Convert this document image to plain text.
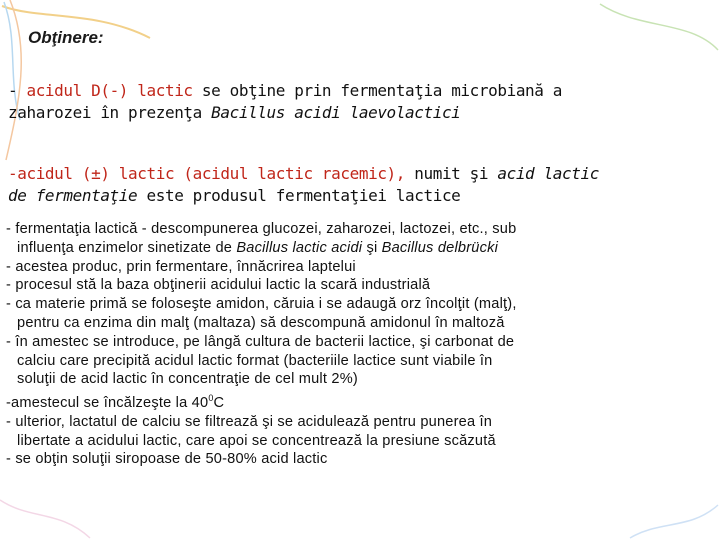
Obţinere:
- acidul D(-) lactic se obţine prin fermentaţia microbiană a
zaharozei în prezenţa Bacillus acidi laevolactici
-acidul (±) lactic (acidul lactic racemic), numit şi acid lactic
de fermentaţie este produsul fermentaţiei lactice
- fermentaţia lactică - descompunerea glucozei, zaharozei, lactozei, etc., sub
influenţa enzimelor sinetizate de Bacillus lactic acidi şi Bacillus delbrücki
- acestea produc, prin fermentare, înnăcrirea laptelui
- procesul stă la baza obţinerii acidului lactic la scară industrială
- ca materie primă se foloseşte amidon, căruia i se adaugă orz încolţit (malţ),
pentru ca enzima din malţ (maltaza) să descompună amidonul în maltoză
- în amestec se introduce, pe lângă cultura de bacterii lactice, şi carbonat de
calciu care precipită acidul lactic format (bacteriile lactice sunt viabile în
soluţii de acid lactic în concentraţie de cel mult 2%)
-amestecul se încălzeşte la $40^0C$
- ulterior, lactatul de calciu se filtrează şi se acidulează pentru punerea în
libertate a acidului lactic, care apoi se concentrează la presiune scăzută
- se obţin soluţii siropoase de 50-80% acid lactic
